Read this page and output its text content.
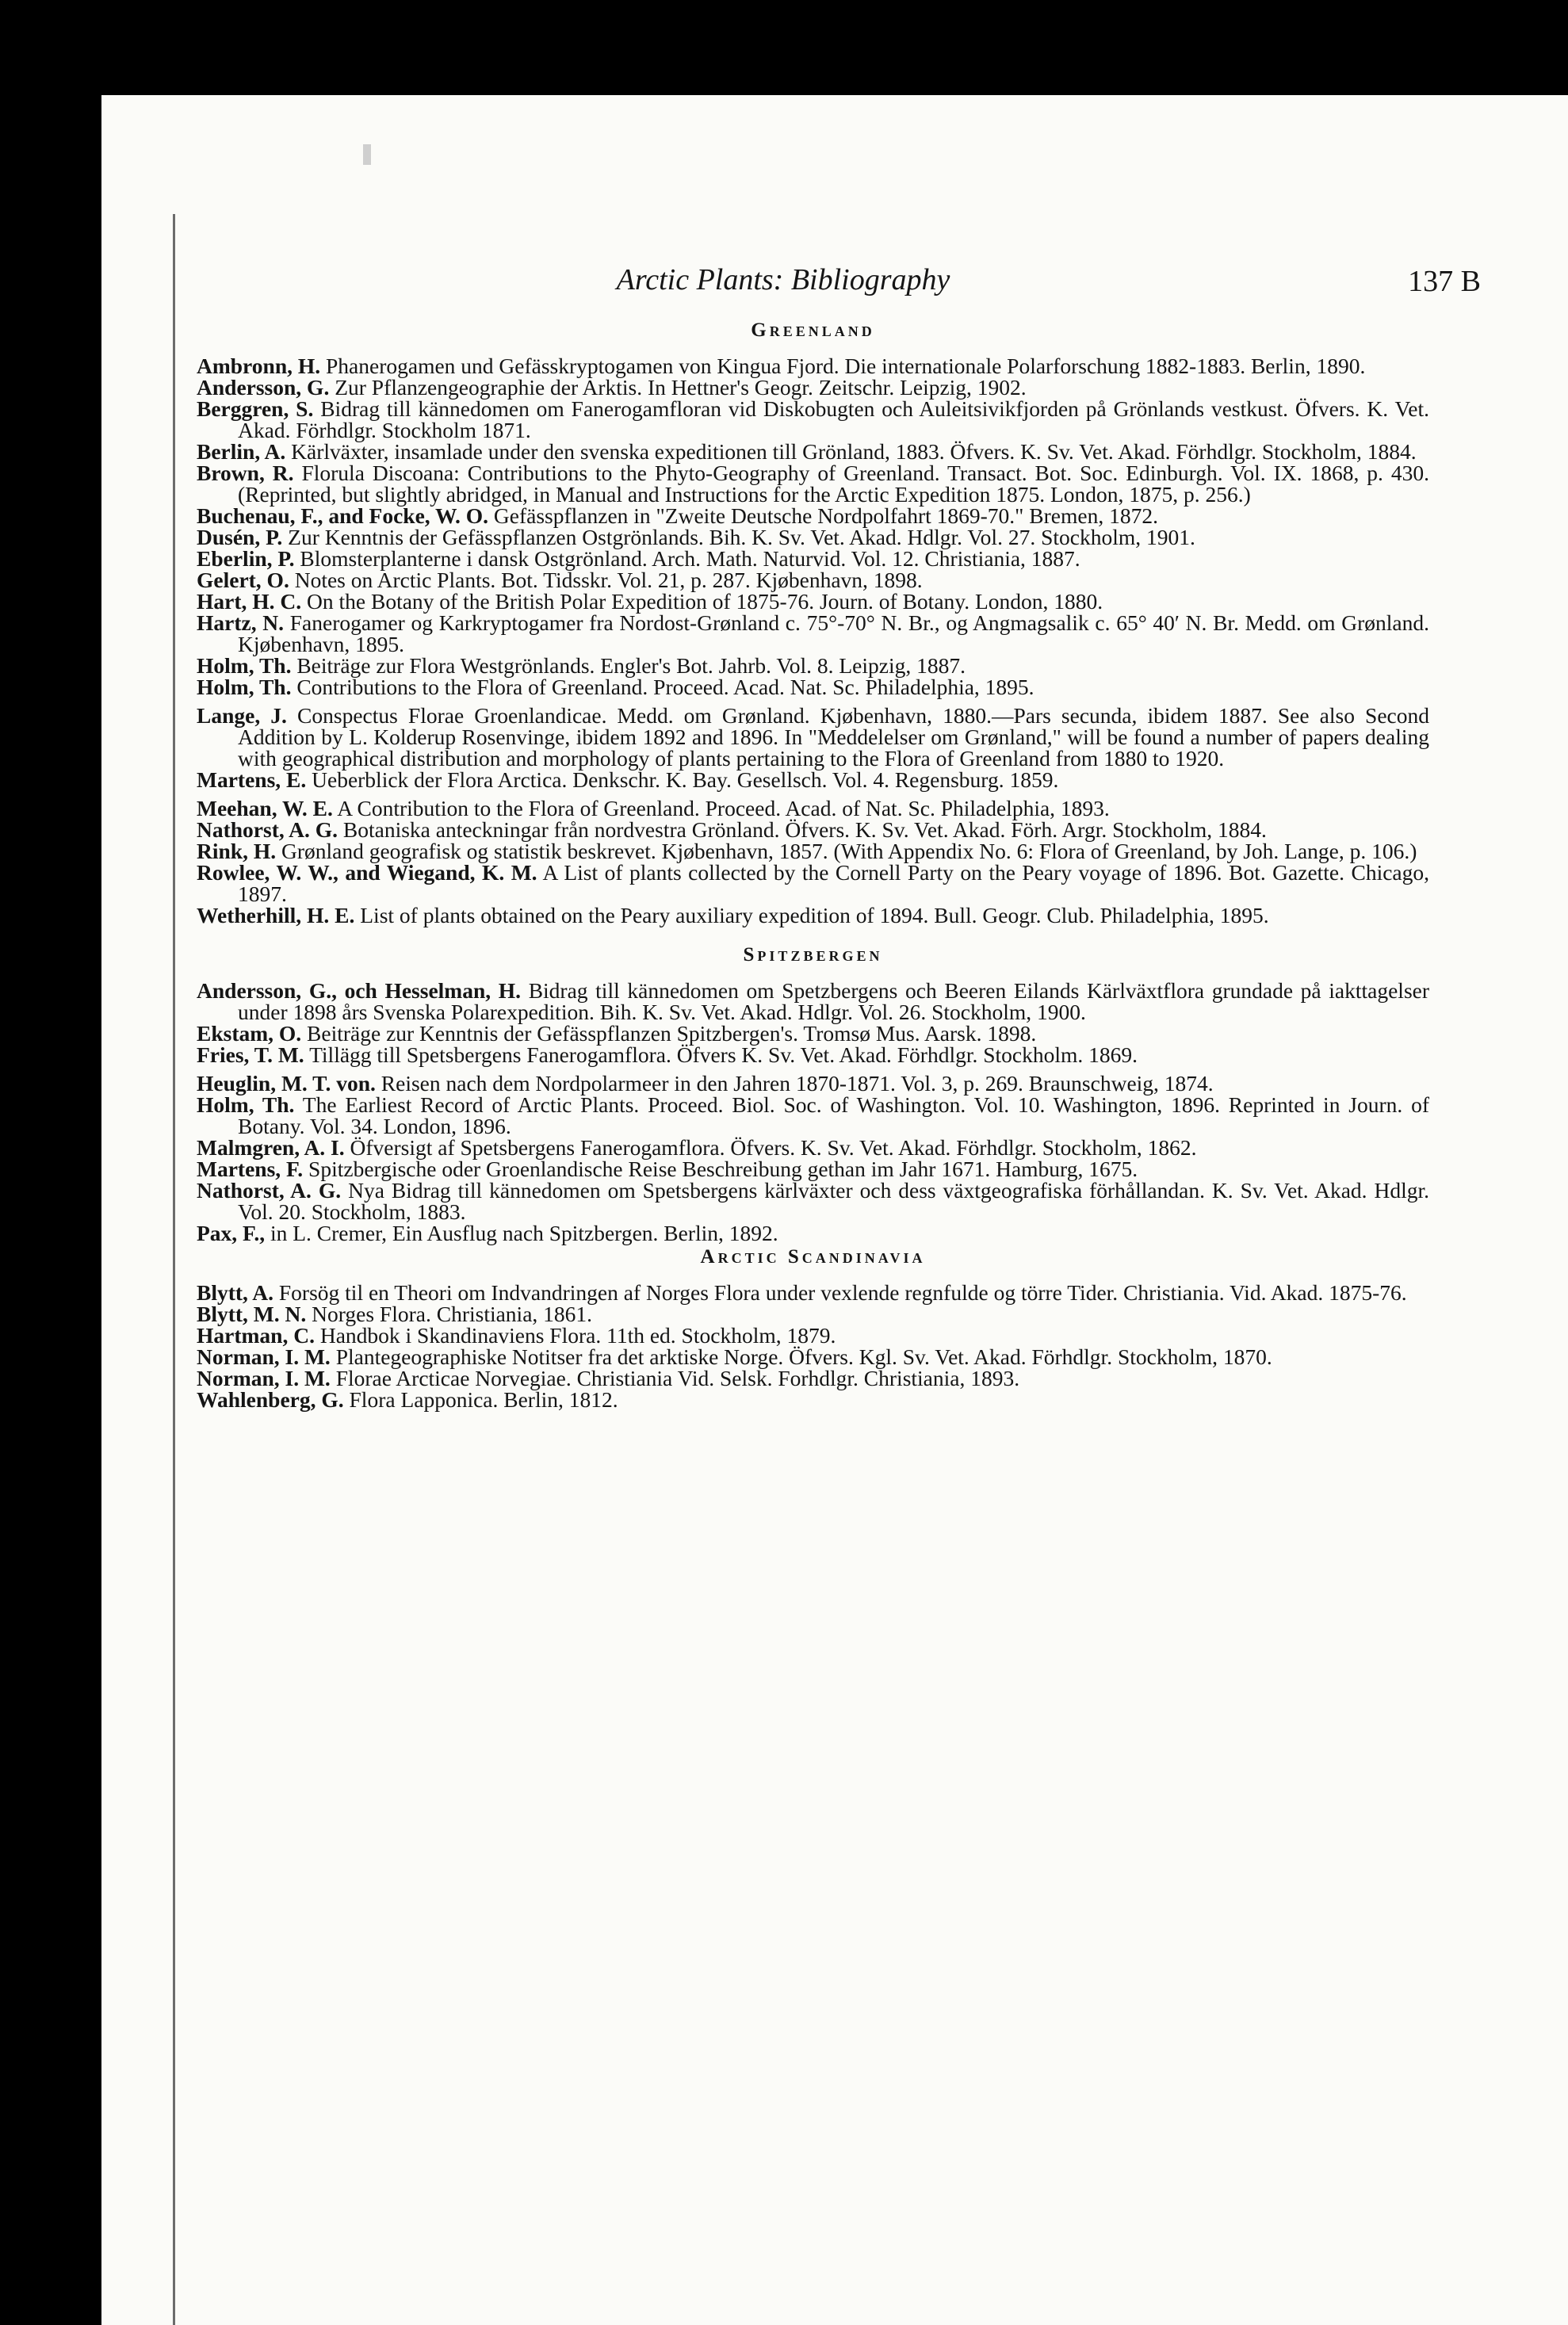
Arctic Plants: Bibliography	137 B
Greenland
Ambronn, H. Phanerogamen und Gefässkryptogamen von Kingua Fjord. Die internationale Polarforschung 1882-1883. Berlin, 1890.
Andersson, G. Zur Pflanzengeographie der Arktis. In Hettner's Geogr. Zeitschr. Leipzig, 1902.
Berggren, S. Bidrag till kännedomen om Fanerogamfloran vid Diskobugten och Auleitsivikfjorden på Grönlands vestkust. Öfvers. K. Vet. Akad. Förhdlgr. Stockholm 1871.
Berlin, A. Kärlväxter, insamlade under den svenska expeditionen till Grönland, 1883. Öfvers. K. Sv. Vet. Akad. Förhdlgr. Stockholm, 1884.
Brown, R. Florula Discoana: Contributions to the Phyto-Geography of Greenland. Transact. Bot. Soc. Edinburgh. Vol. IX. 1868, p. 430. (Reprinted, but slightly abridged, in Manual and Instructions for the Arctic Expedition 1875. London, 1875, p. 256.)
Buchenau, F., and Focke, W. O. Gefässpflanzen in "Zweite Deutsche Nordpolfahrt 1869-70." Bremen, 1872.
Dusén, P. Zur Kenntnis der Gefässpflanzen Ostgrönlands. Bih. K. Sv. Vet. Akad. Hdlgr. Vol. 27. Stockholm, 1901.
Eberlin, P. Blomsterplanterne i dansk Ostgrönland. Arch. Math. Naturvid. Vol. 12. Christiania, 1887.
Gelert, O. Notes on Arctic Plants. Bot. Tidsskr. Vol. 21, p. 287. Kjøbenhavn, 1898.
Hart, H. C. On the Botany of the British Polar Expedition of 1875-76. Journ. of Botany. London, 1880.
Hartz, N. Fanerogamer og Karkryptogamer fra Nordost-Grønland c. 75°-70° N. Br., og Angmagsalik c. 65° 40′ N. Br. Medd. om Grønland. Kjøbenhavn, 1895.
Holm, Th. Beiträge zur Flora Westgrönlands. Engler's Bot. Jahrb. Vol. 8. Leipzig, 1887.
Holm, Th. Contributions to the Flora of Greenland. Proceed. Acad. Nat. Sc. Philadelphia, 1895.
Lange, J. Conspectus Florae Groenlandicae. Medd. om Grønland. Kjøbenhavn, 1880.—Pars secunda, ibidem 1887. See also Second Addition by L. Kolderup Rosenvinge, ibidem 1892 and 1896. In "Meddelelser om Grønland," will be found a number of papers dealing with geographical distribution and morphology of plants pertaining to the Flora of Greenland from 1880 to 1920.
Martens, E. Ueberblick der Flora Arctica. Denkschr. K. Bay. Gesellsch. Vol. 4. Regensburg. 1859.
Meehan, W. E. A Contribution to the Flora of Greenland. Proceed. Acad. of Nat. Sc. Philadelphia, 1893.
Nathorst, A. G. Botaniska anteckningar från nordvestra Grönland. Öfvers. K. Sv. Vet. Akad. Förh. Argr. Stockholm, 1884.
Rink, H. Grønland geografisk og statistik beskrevet. Kjøbenhavn, 1857. (With Appendix No. 6: Flora of Greenland, by Joh. Lange, p. 106.)
Rowlee, W. W., and Wiegand, K. M. A List of plants collected by the Cornell Party on the Peary voyage of 1896. Bot. Gazette. Chicago, 1897.
Wetherhill, H. E. List of plants obtained on the Peary auxiliary expedition of 1894. Bull. Geogr. Club. Philadelphia, 1895.
Spitzbergen
Andersson, G., och Hesselman, H. Bidrag till kännedomen om Spetzbergens och Beeren Eilands Kärlväxtflora grundade på iakttagelser under 1898 års Svenska Polarexpedition. Bih. K. Sv. Vet. Akad. Hdlgr. Vol. 26. Stockholm, 1900.
Ekstam, O. Beiträge zur Kenntnis der Gefässpflanzen Spitzbergen's. Tromsø Mus. Aarsk. 1898.
Fries, T. M. Tillägg till Spetsbergens Fanerogamflora. Öfvers K. Sv. Vet. Akad. Förhdlgr. Stockholm. 1869.
Heuglin, M. T. von. Reisen nach dem Nordpolarmeer in den Jahren 1870-1871. Vol. 3, p. 269. Braunschweig, 1874.
Holm, Th. The Earliest Record of Arctic Plants. Proceed. Biol. Soc. of Washington. Vol. 10. Washington, 1896. Reprinted in Journ. of Botany. Vol. 34. London, 1896.
Malmgren, A. I. Öfversigt af Spetsbergens Fanerogamflora. Öfvers. K. Sv. Vet. Akad. Förhdlgr. Stockholm, 1862.
Martens, F. Spitzbergische oder Groenlandische Reise Beschreibung gethan im Jahr 1671. Hamburg, 1675.
Nathorst, A. G. Nya Bidrag till kännedomen om Spetsbergens kärlväxter och dess växtgeografiska förhållandan. K. Sv. Vet. Akad. Hdlgr. Vol. 20. Stockholm, 1883.
Pax, F., in L. Cremer, Ein Ausflug nach Spitzbergen. Berlin, 1892.
Arctic Scandinavia
Blytt, A. Forsög til en Theori om Indvandringen af Norges Flora under vexlende regnfulde og törre Tider. Christiania. Vid. Akad. 1875-76.
Blytt, M. N. Norges Flora. Christiania, 1861.
Hartman, C. Handbok i Skandinaviens Flora. 11th ed. Stockholm, 1879.
Norman, I. M. Plantegeographiske Notitser fra det arktiske Norge. Öfvers. Kgl. Sv. Vet. Akad. Förhdlgr. Stockholm, 1870.
Norman, I. M. Florae Arcticae Norvegiae. Christiania Vid. Selsk. Forhdlgr. Christiania, 1893.
Wahlenberg, G. Flora Lapponica. Berlin, 1812.
